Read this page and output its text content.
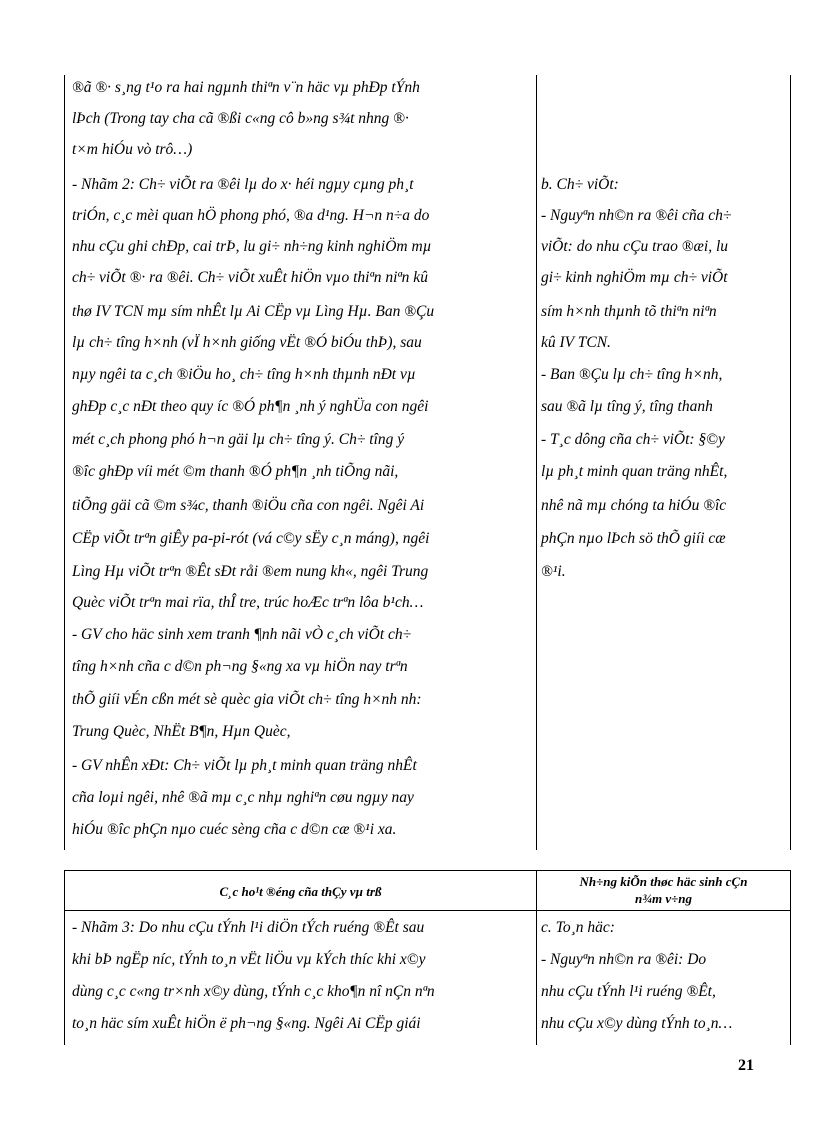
®ã ®· s¸ng t¹o ra hai ngµnh thiªn v¨n häc vµ phÐp tÝnh
lÞch (Trong tay cha cã ®ßi c«ng cô b»ng s¾t nhng ®·
t×m hiÓu vò trô…)
- Nhãm 2: Ch÷ viÕt ra ®êi lµ do x· héi ngµy cµng ph¸t
triÓn, c¸c mèi quan hÖ phong phó, ®a d¹ng. H¬n n÷a do
nhu cÇu ghi chÐp, cai trÞ, lu gi÷ nh÷ng kinh nghiÖm mµ
ch÷ viÕt ®· ra ®êi. Ch÷ viÕt xuÊt hiÖn vµo thiªn niªn kû
thø IV TCN mµ sím nhÊt lµ Ai CËp vµ Lìng Hµ. Ban ®Çu
lµ ch÷ tîng h×nh (vÏ h×nh giống vËt ®Ó biÓu thÞ), sau
nµy ngêi ta c¸ch ®iÖu ho¸ ch÷ tîng h×nh thµnh nÐt vµ
ghÐp c¸c nÐt theo quy íc ®Ó ph¶n ¸nh ý nghÜa con ngêi
mét c¸ch phong phó h¬n gäi lµ ch÷ tîng ý. Ch÷ tîng ý
®îc ghÐp víi mét ©m thanh ®Ó ph¶n ¸nh tiÕng nãi,
tiÕng gäi cã ©m s¾c, thanh ®iÖu cña con ngêi. Ngêi Ai
CËp viÕt trªn giÊy pa-pi-rót (vá c©y sËy c¸n máng), ngêi
Lìng Hµ viÕt trªn ®Êt sÐt råi ®em nung kh«, ngêi Trung
Quèc viÕt trªn mai rïa, thÎ tre, trúc hoÆc trªn lôa b¹ch…
- GV cho häc sinh xem tranh ¶nh nãi vÒ c¸ch viÕt ch÷
tîng h×nh cña c d©n ph¬ng §«ng xa vµ hiÖn nay trªn
thÕ giíi vÉn cßn mét sè quèc gia viÕt ch÷ tîng h×nh nh:
Trung Quèc, NhËt B¶n, Hµn Quèc,
- GV nhÊn xÐt: Ch÷ viÕt lµ ph¸t minh quan träng nhÊt
cña loµi ngêi, nhê ®ã mµ c¸c nhµ nghiªn cøu ngµy nay
hiÓu ®îc phÇn nµo cuéc sèng cña c d©n cæ ®¹i xa.
b. Ch÷ viÕt:
- Nguyªn nh©n ra ®êi cña ch÷
viÕt: do nhu cÇu trao ®æi, lu
gi÷ kinh nghiÖm mµ ch÷ viÕt
sím h×nh thµnh tõ thiªn niªn
kû IV TCN.
- Ban ®Çu lµ ch÷ tîng h×nh,
sau ®ã lµ tîng ý, tîng thanh
- T¸c dông cña ch÷ viÕt: §©y
lµ ph¸t minh quan träng nhÊt,
nhê nã mµ chóng ta hiÓu ®îc
phÇn nµo lÞch sö thÕ giíi cæ
®¹i.
C¸c ho¹t ®éng cña thÇy vµ trß
Nh÷ng kiÕn thøc häc sinh cÇn
n¾m v÷ng
- Nhãm 3: Do nhu cÇu tÝnh l¹i diÖn tÝch ruéng ®Êt sau
khi bÞ ngËp níc, tÝnh to¸n vËt liÖu vµ kÝch thíc khi x©y
dùng c¸c c«ng tr×nh x©y dùng, tÝnh c¸c kho¶n nî nÇn nªn
to¸n häc sím xuÊt hiÖn ë ph¬ng §«ng. Ngêi Ai CËp giái
c. To¸n häc:
- Nguyªn nh©n ra ®êi: Do
nhu cÇu tÝnh l¹i ruéng ®Êt,
nhu cÇu x©y dùng tÝnh to¸n…
21
